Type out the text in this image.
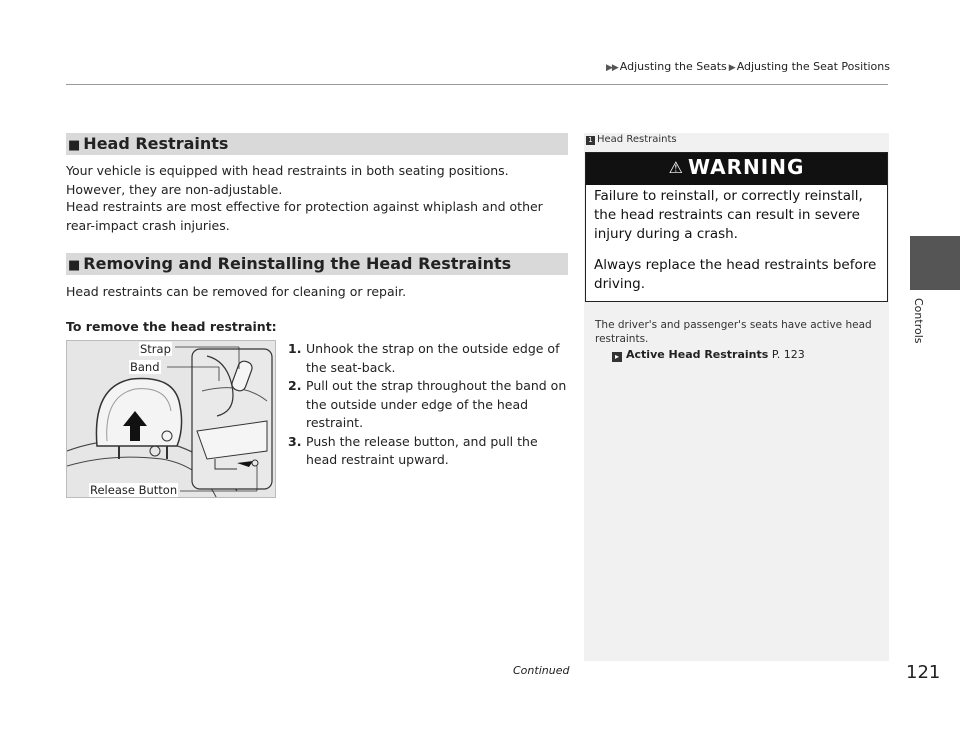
▶▶ Adjusting the Seats ▶ Adjusting the Seat Positions
Controls
■ Head Restraints
Your vehicle is equipped with head restraints in both seating positions. However, they are non-adjustable.
Head restraints are most effective for protection against whiplash and other rear-impact crash injuries.
■ Removing and Reinstalling the Head Restraints
Head restraints can be removed for cleaning or repair.
To remove the head restraint:
Strap
Band
Release Button
1. Unhook the strap on the outside edge of the seat-back.
2. Pull out the strap throughout the band on the outside under edge of the head restraint.
3. Push the release button, and pull the head restraint upward.
1 Head Restraints
⚠ WARNING

Failure to reinstall, or correctly reinstall, the head restraints can result in severe injury during a crash.

Always replace the head restraints before driving.

The driver's and passenger's seats have active head restraints.
▸ Active Head Restraints P. 123
Continued	121
